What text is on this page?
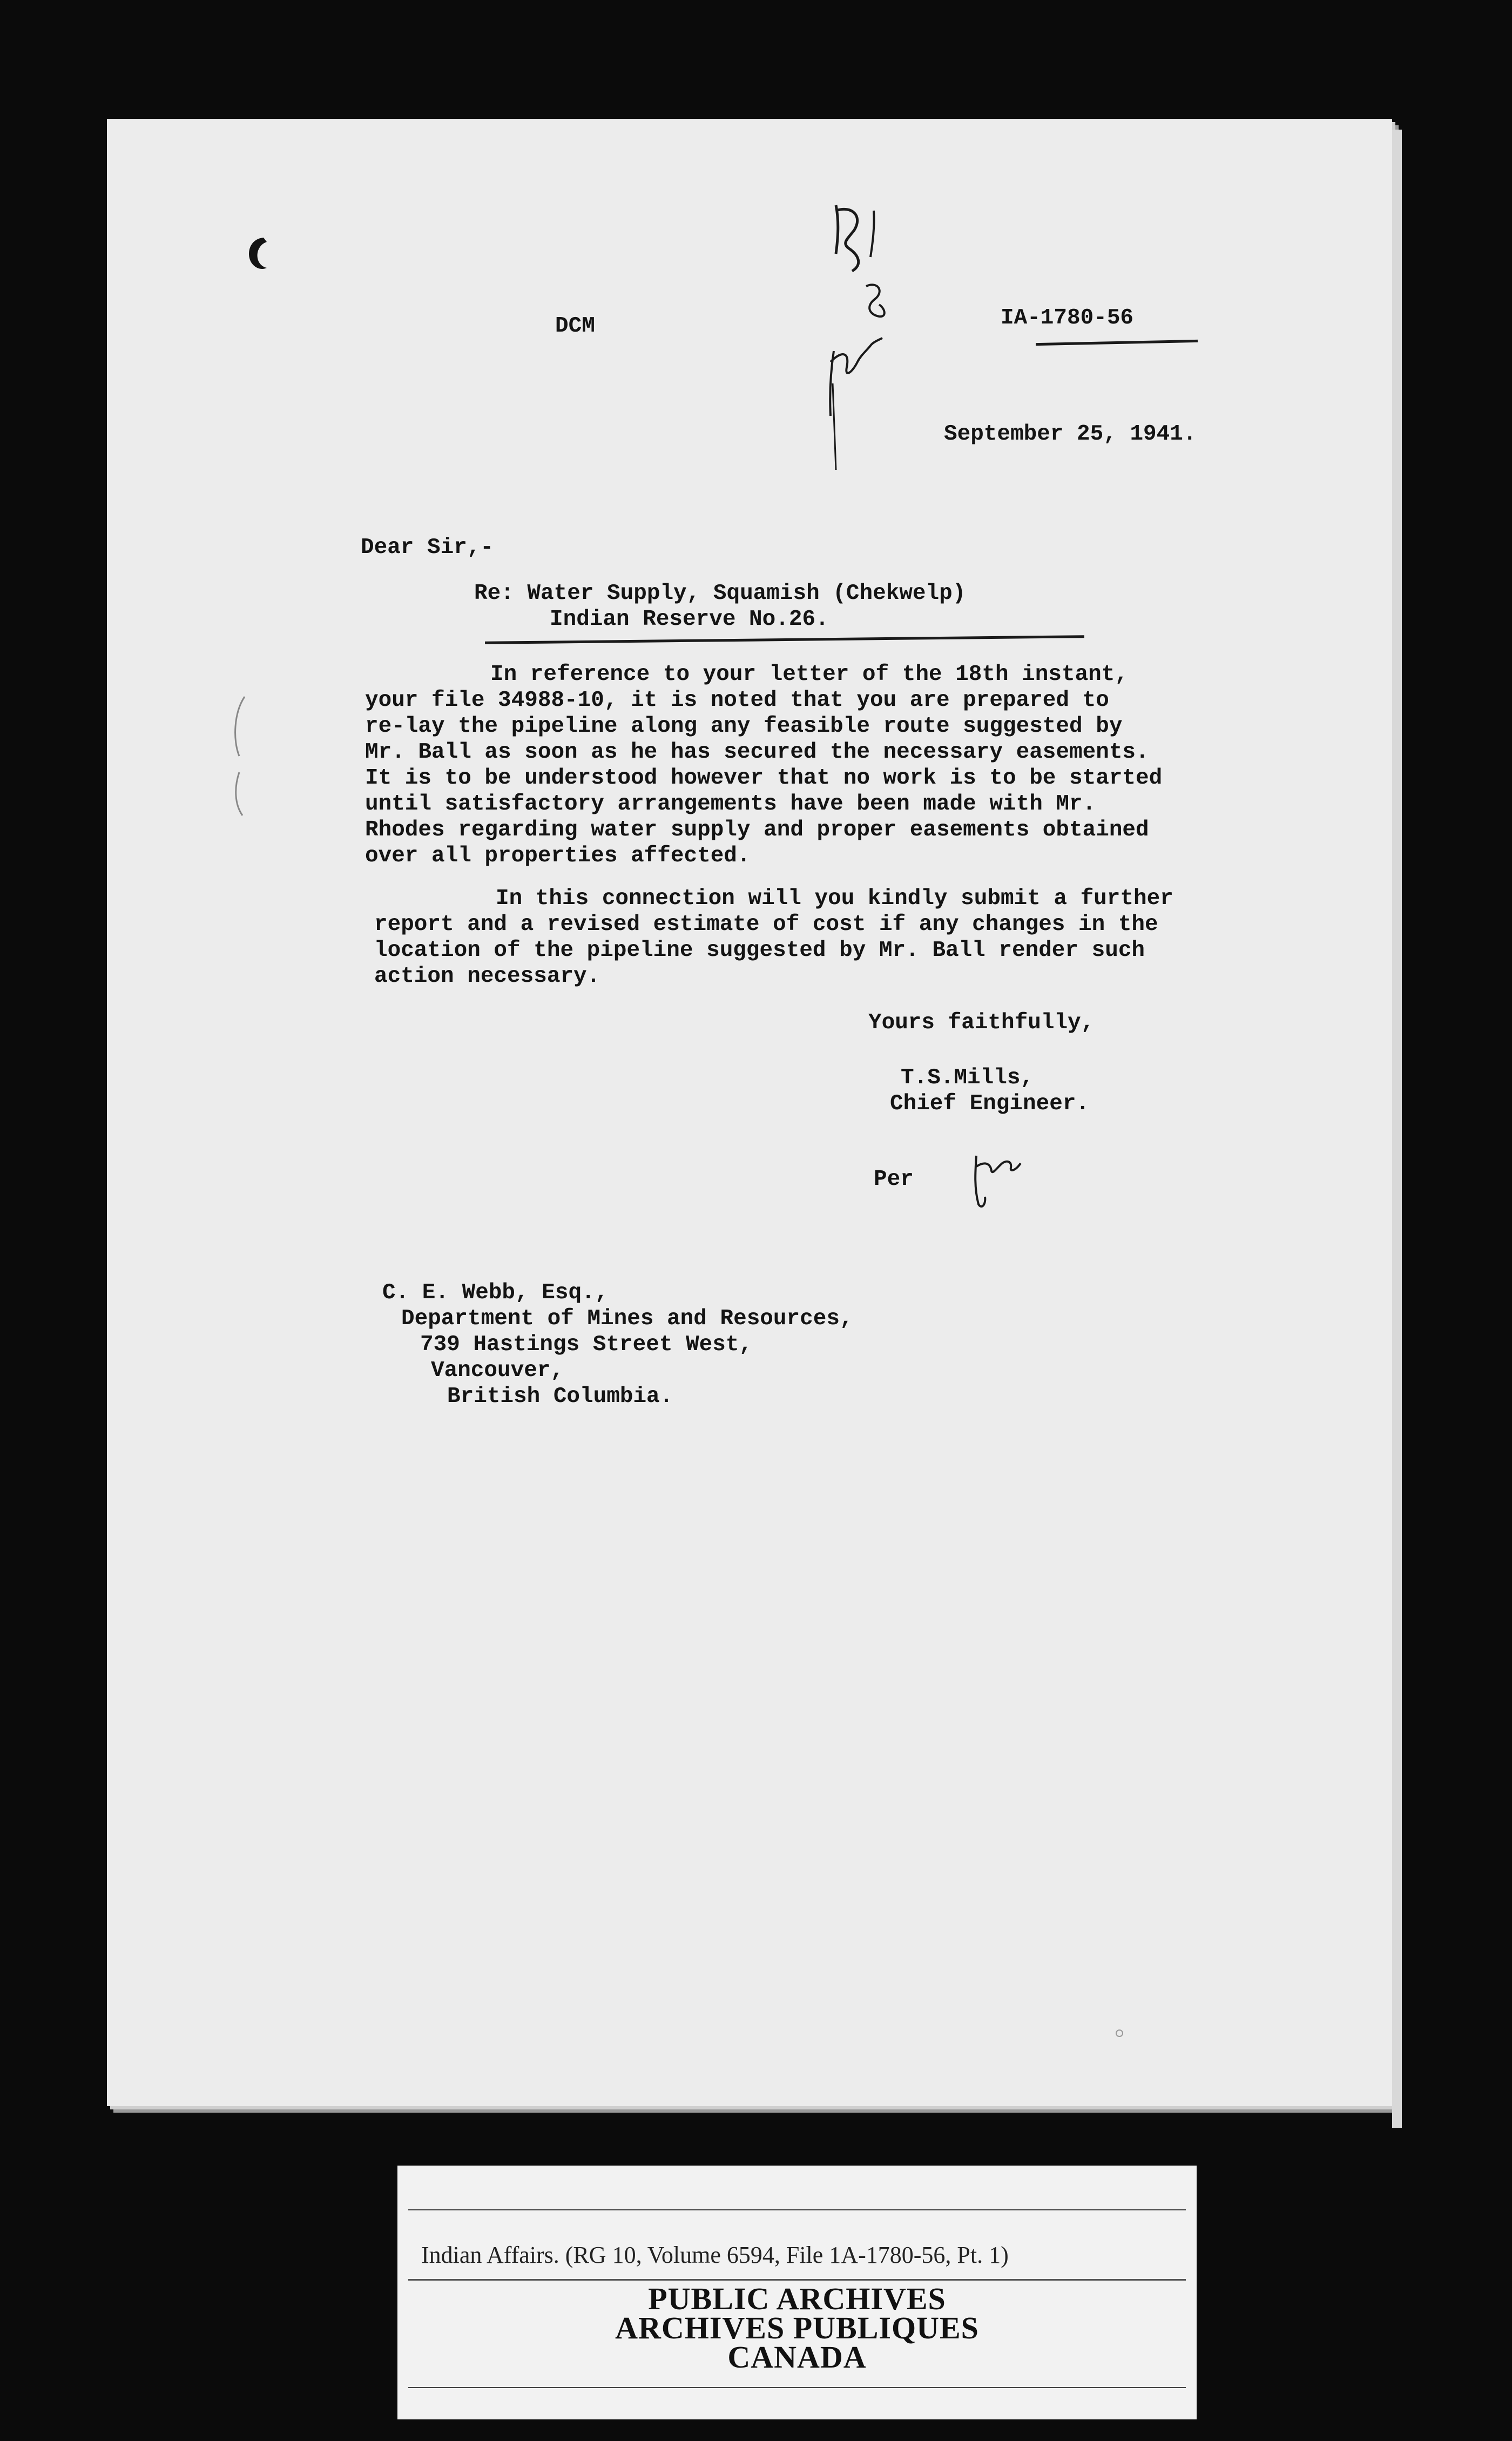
DCM	IA-1780-56

September 25, 1941.

Dear Sir,-

Re: Water Supply, Squamish (Chekwelp)

Indian Reserve No.26.

In reference to your letter of the 18th instant,

your file 34988-10, it is noted that you are prepared to

re-lay the pipeline along any feasible route suggested by

Mr. Ball as soon as he has secured the necessary easements.

It is to be understood however that no work is to be started

until satisfactory arrangements have been made with Mr.

Rhodes regarding water supply and proper easements obtained

over all properties affected.

In this connection will you kindly submit a further

report and a revised estimate of cost if any changes in the

location of the pipeline suggested by Mr. Ball render such

action necessary.

Yours faithfully,

T.S.Mills,

Chief Engineer.

Per

C. E. Webb, Esq.,

Department of Mines and Resources,

739 Hastings Street West,

Vancouver,

British Columbia.

Indian Affairs. (RG 10, Volume 6594, File 1A-1780-56, Pt. 1)

PUBLIC ARCHIVES

ARCHIVES PUBLIQUES

CANADA
